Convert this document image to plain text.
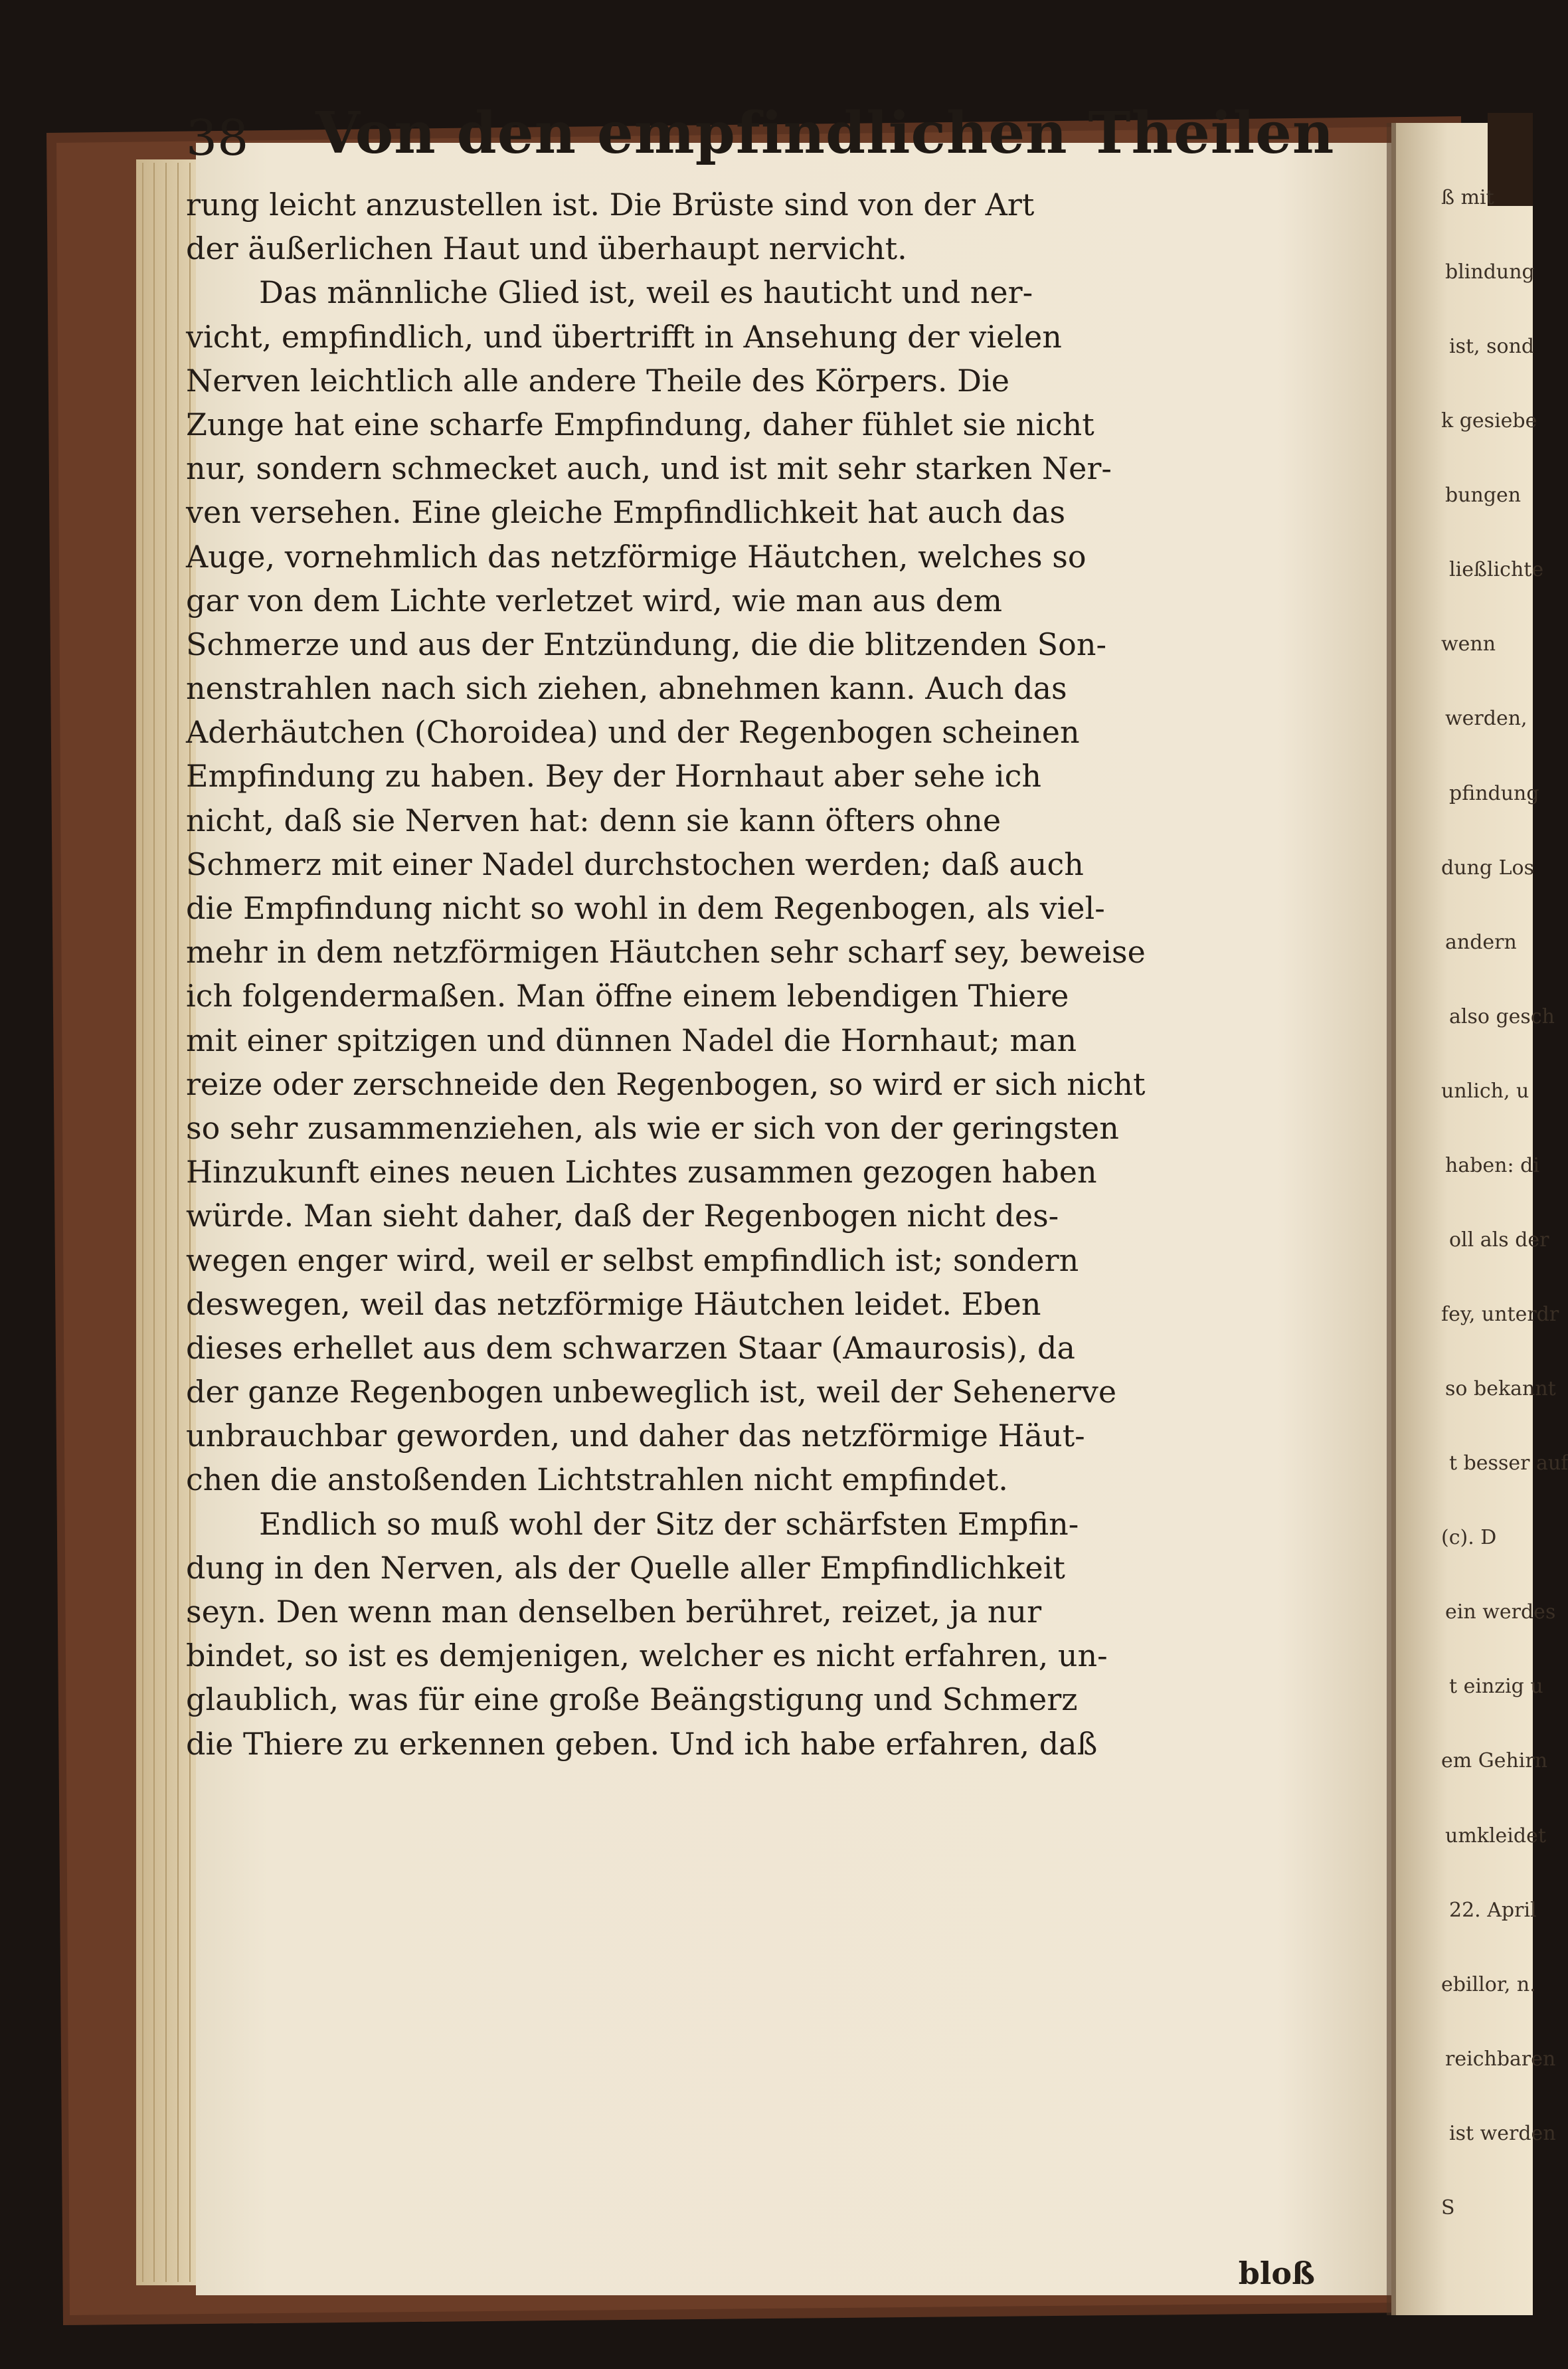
38 Von den empfindlichen Theilen
rung leicht anzustellen ist. Die Brüste sind von der Art
der äußerlichen Haut und überhaupt nervicht.
Das männliche Glied ist, weil es hauticht und ner-
vicht, empfindlich, und übertrifft in Ansehung der vielen
Nerven leichtlich alle andere Theile des Körpers. Die
Zunge hat eine scharfe Empfindung, daher fühlet sie nicht
nur, sondern schmecket auch, und ist mit sehr starken Ner-
ven versehen. Eine gleiche Empfindlichkeit hat auch das
Auge, vornehmlich das netzförmige Häutchen, welches so
gar von dem Lichte verletzet wird, wie man aus dem
Schmerze und aus der Entzündung, die die blitzenden Son-
nenstrahlen nach sich ziehen, abnehmen kann. Auch das
Aderhäutchen (Choroidea) und der Regenbogen scheinen
Empfindung zu haben. Bey der Hornhaut aber sehe ich
nicht, daß sie Nerven hat: denn sie kann öfters ohne
Schmerz mit einer Nadel durchstochen werden; daß auch
die Empfindung nicht so wohl in dem Regenbogen, als viel-
mehr in dem netzförmigen Häutchen sehr scharf sey, beweise
ich folgendermaßen. Man öffne einem lebendigen Thiere
mit einer spitzigen und dünnen Nadel die Hornhaut; man
reize oder zerschneide den Regenbogen, so wird er sich nicht
so sehr zusammenziehen, als wie er sich von der geringsten
Hinzukunft eines neuen Lichtes zusammen gezogen haben
würde. Man sieht daher, daß der Regenbogen nicht des-
wegen enger wird, weil er selbst empfindlich ist; sondern
deswegen, weil das netzförmige Häutchen leidet. Eben
dieses erhellet aus dem schwarzen Staar (Amaurosis), da
der ganze Regenbogen unbeweglich ist, weil der Sehenerve
unbrauchbar geworden, und daher das netzförmige Häut-
chen die anstoßenden Lichtstrahlen nicht empfindet.
Endlich so muß wohl der Sitz der schärfsten Empfin-
dung in den Nerven, als der Quelle aller Empfindlichkeit
seyn. Den wenn man denselben berühret, reizet, ja nur
bindet, so ist es demjenigen, welcher es nicht erfahren, un-
glaublich, was für eine große Beängstigung und Schmerz
die Thiere zu erkennen geben. Und ich habe erfahren, daß
bloß
ß mit
blindung
ist, sond
k gesiebe
bungen
ließlichte
wenn
werden,
pfindung
dung Los
andern
also gesch
unlich, u
haben: di
oll als der
fey, unterdr
so bekannt
t besser auf
(c). D
ein werdes
t einzig u
em Gehirn
umkleidet
22. April
ebillor, n.
reichbaren
ist werden
S
